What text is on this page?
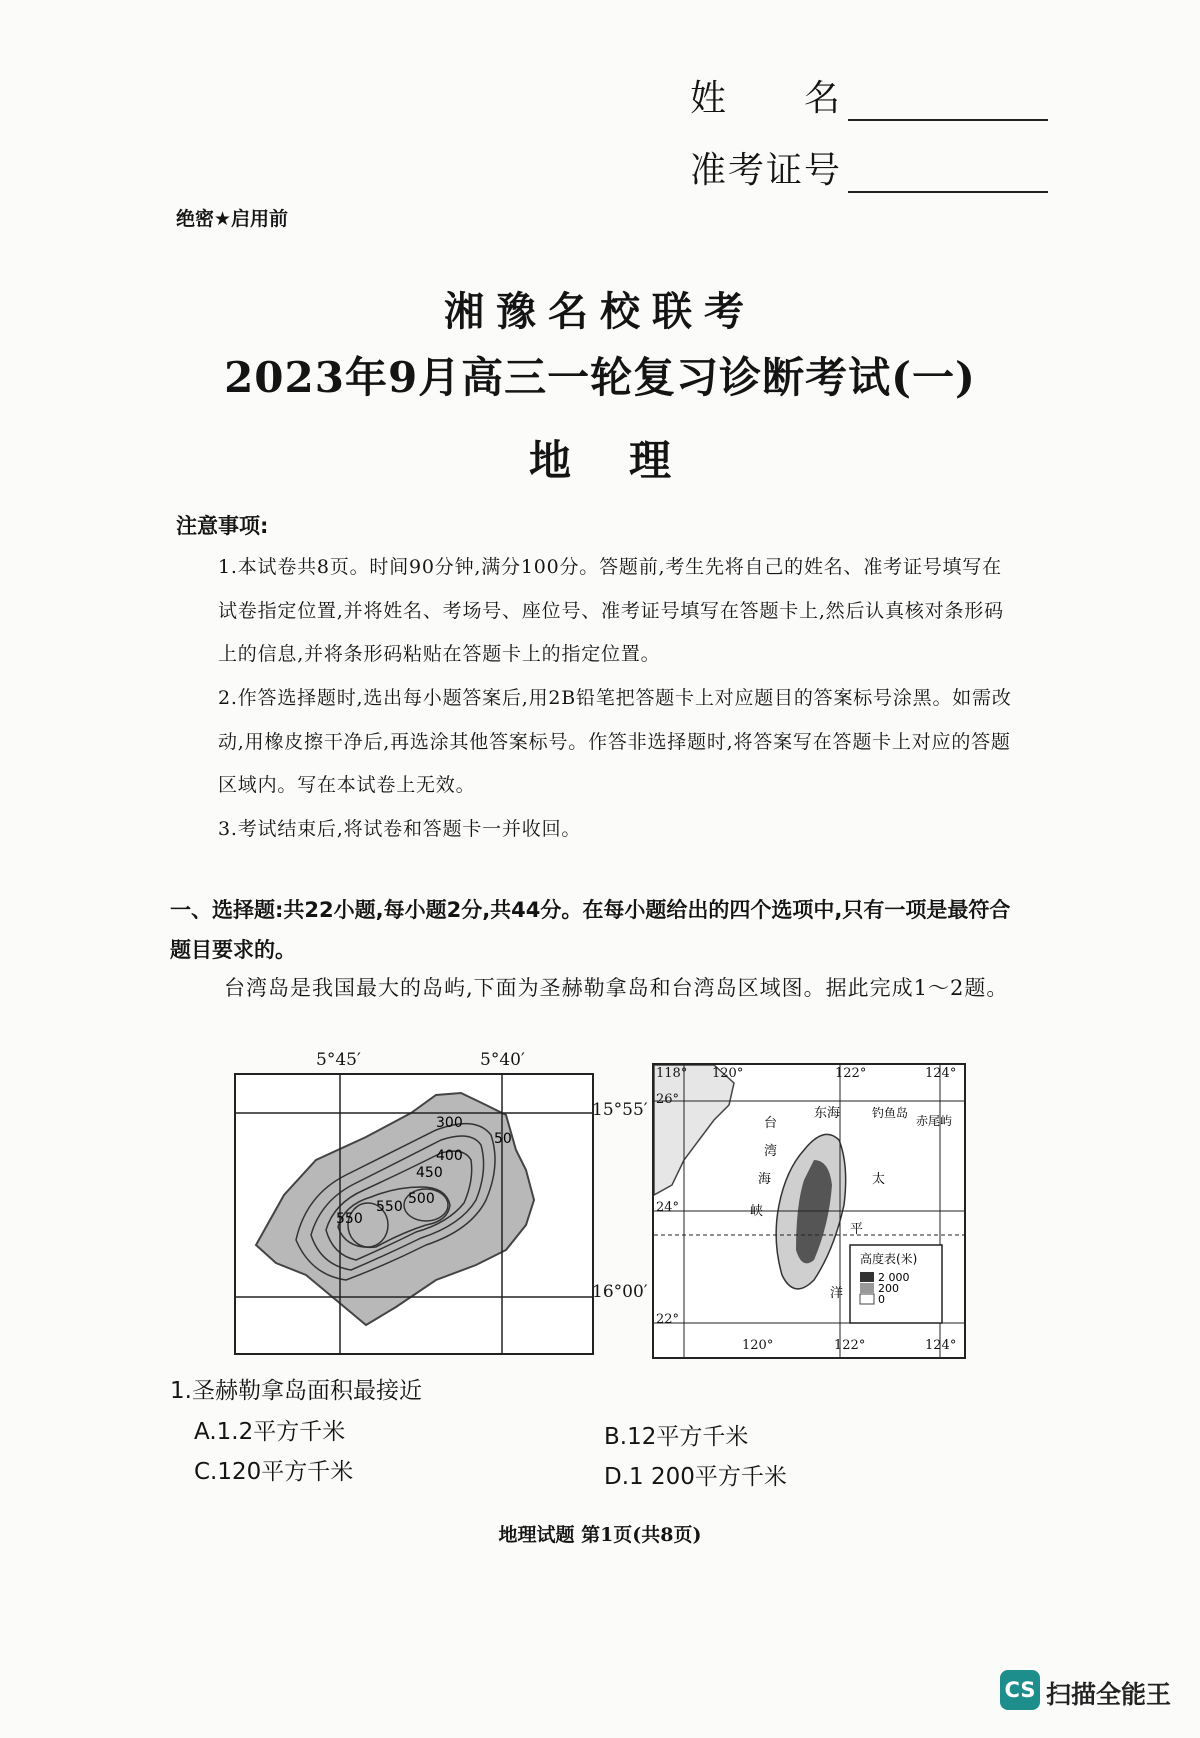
姓　　名
准考证号
绝密★启用前
湘豫名校联考
2023年9月高三一轮复习诊断考试(一)
地理
注意事项:
1.本试卷共8页。时间90分钟,满分100分。答题前,考生先将自己的姓名、准考证号填写在试卷指定位置,并将姓名、考场号、座位号、准考证号填写在答题卡上,然后认真核对条形码上的信息,并将条形码粘贴在答题卡上的指定位置。
2.作答选择题时,选出每小题答案后,用2B铅笔把答题卡上对应题目的答案标号涂黑。如需改动,用橡皮擦干净后,再选涂其他答案标号。作答非选择题时,将答案写在答题卡上对应的答题区域内。写在本试卷上无效。
3.考试结束后,将试卷和答题卡一并收回。
一、选择题:共22小题,每小题2分,共44分。在每小题给出的四个选项中,只有一项是最符合题目要求的。
台湾岛是我国最大的岛屿,下面为圣赫勒拿岛和台湾岛区域图。据此完成1～2题。
300
400
450
500
550
550
50
5°45′	5°40′
15°55′
16°00′
高度表(米)
2 000
200
0
东海	钓鱼岛
赤尾屿
台
湾
海
峡
太
平
洋
118° 120°	122°	124°
26°
24°
22°
120°	122°	124°
1.圣赫勒拿岛面积最接近
A.1.2平方千米	B.12平方千米
C.120平方千米	D.1 200平方千米
地理试题 第1页(共8页)
CS 扫描全能王
